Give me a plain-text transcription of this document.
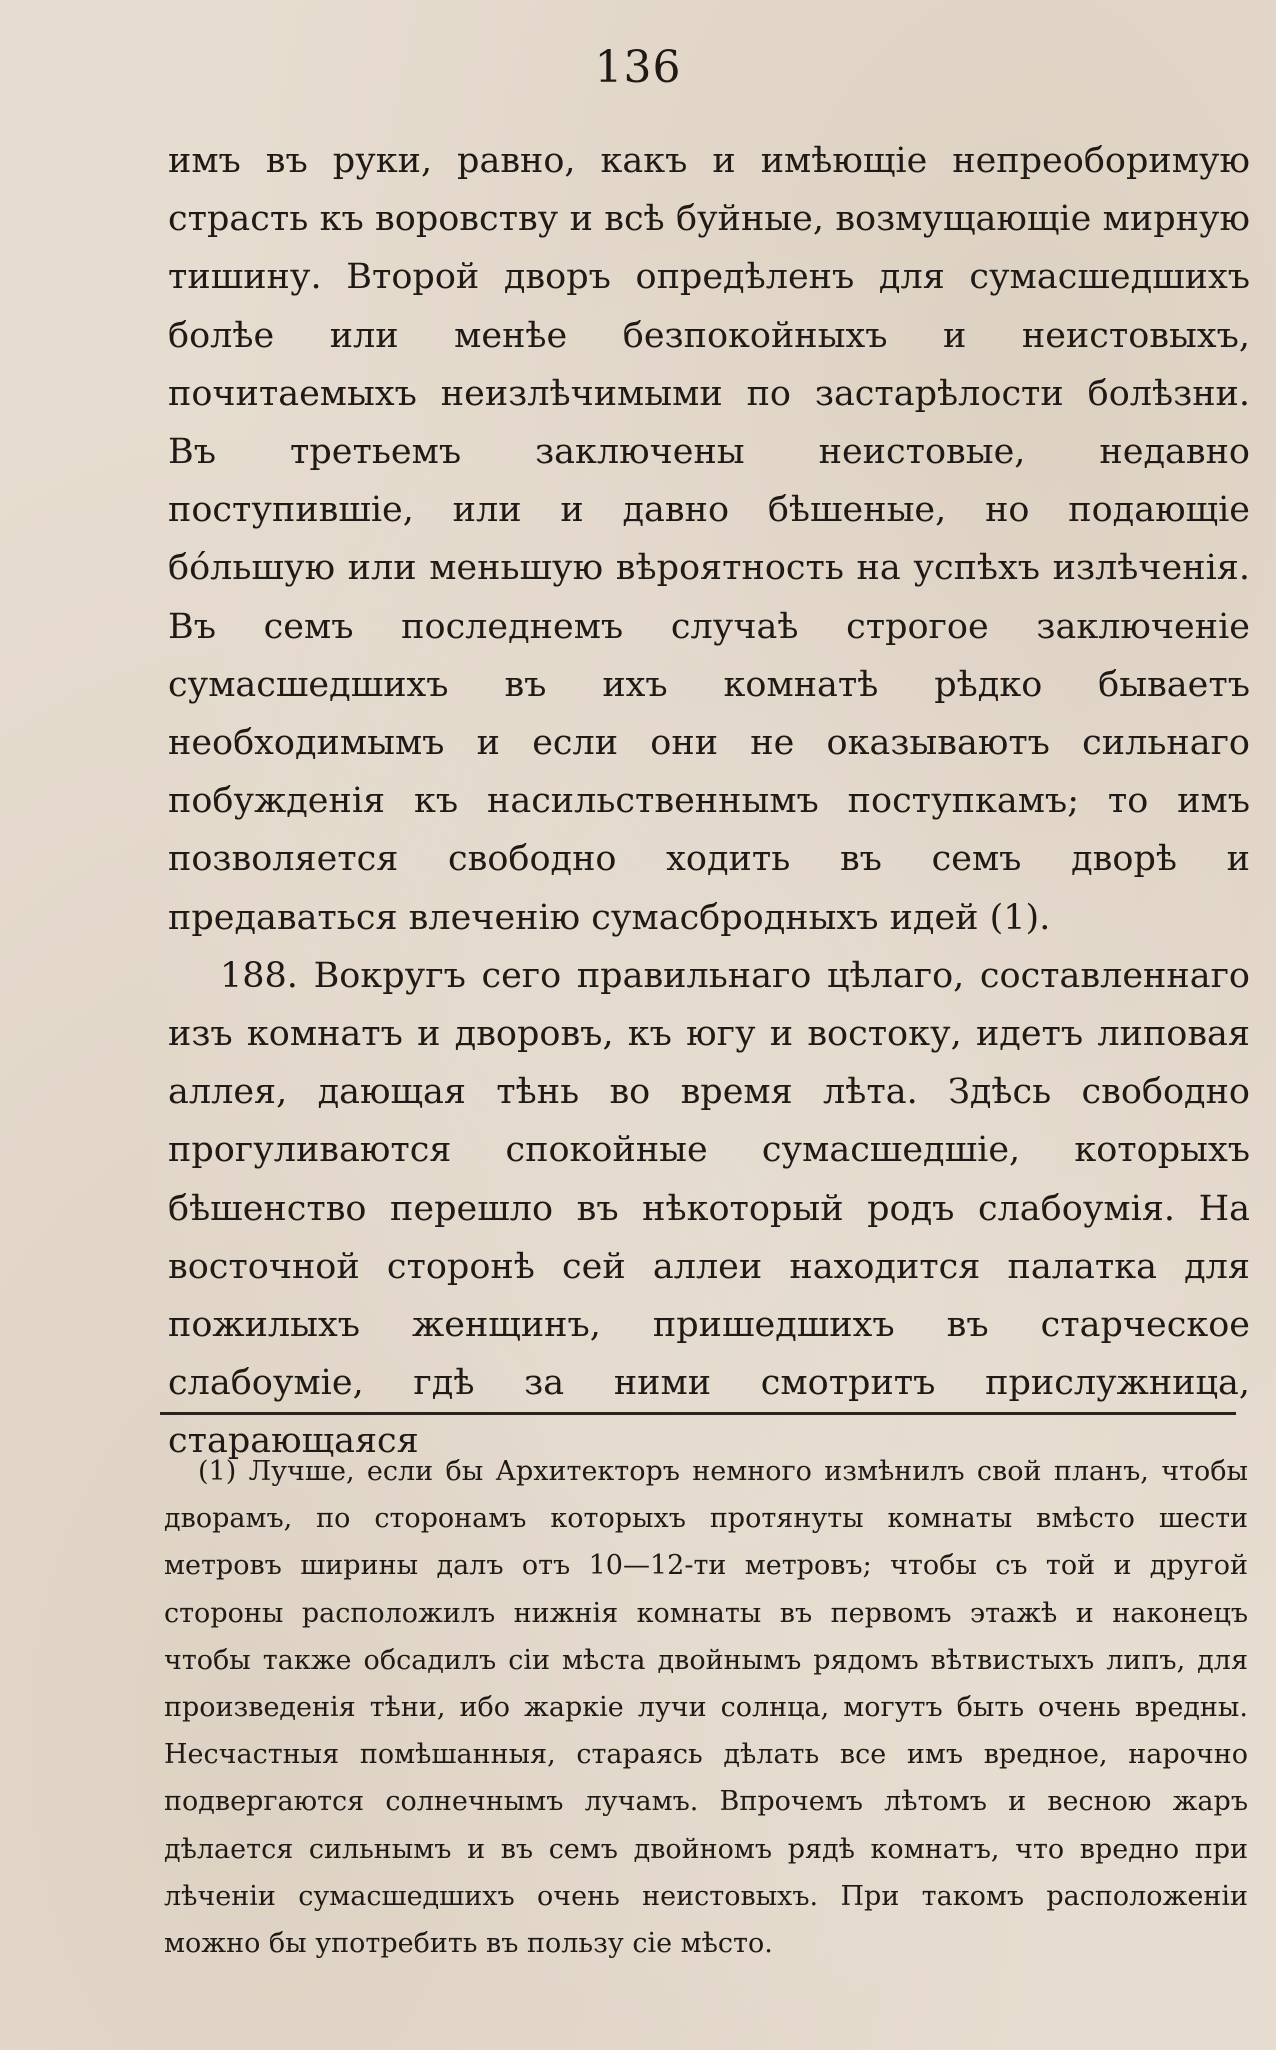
136

имъ въ руки, равно, какъ и имѣющіе непреоборимую страсть къ воровству и всѣ буйные, возмущающіе мирную тишину. Второй дворъ опредѣленъ для сумасшедшихъ болѣе или менѣе безпокойныхъ и неистовыхъ, почитаемыхъ неизлѣчимыми по застарѣлости болѣзни. Въ третьемъ заключены неистовые, недавно поступившіе, или и давно бѣшеные, но подающіе бо́льшую или меньшую вѣроятность на успѣхъ излѣченія. Въ семъ последнемъ случаѣ строгое заключеніе сумасшедшихъ въ ихъ комнатѣ рѣдко бываетъ необходимымъ и если они не оказываютъ сильнаго побужденія къ насильственнымъ поступкамъ; то имъ позволяется свободно ходить въ семъ дворѣ и предаваться влеченію сумасбродныхъ идей (1).

188. Вокругъ сего правильнаго цѣлаго, составленнаго изъ комнатъ и дворовъ, къ югу и востоку, идетъ липовая аллея, дающая тѣнь во время лѣта. Здѣсь свободно прогуливаются спокойные сумасшедшіе, которыхъ бѣшенство перешло въ нѣкоторый родъ слабоумія. На восточной сторонѣ сей аллеи находится палатка для пожилыхъ женщинъ, пришедшихъ въ старческое слабоуміе, гдѣ за ними смотритъ прислужница, старающаяся

(1) Лучше, если бы Архитекторъ немного измѣнилъ свой планъ, чтобы дворамъ, по сторонамъ которыхъ протянуты комнаты вмѣсто шести метровъ ширины далъ отъ 10—12-ти метровъ; чтобы съ той и другой стороны расположилъ нижнія комнаты въ первомъ этажѣ и наконецъ чтобы также обсадилъ сіи мѣста двойнымъ рядомъ вѣтвистыхъ липъ, для произведенія тѣни, ибо жаркіе лучи солнца, могутъ быть очень вредны. Несчастныя помѣшанныя, стараясь дѣлать все имъ вредное, нарочно подвергаются солнечнымъ лучамъ. Впрочемъ лѣтомъ и весною жаръ дѣлается сильнымъ и въ семъ двойномъ рядѣ комнатъ, что вредно при лѣченіи сумасшедшихъ очень неистовыхъ. При такомъ расположеніи можно бы употребить въ пользу сіе мѣсто.
